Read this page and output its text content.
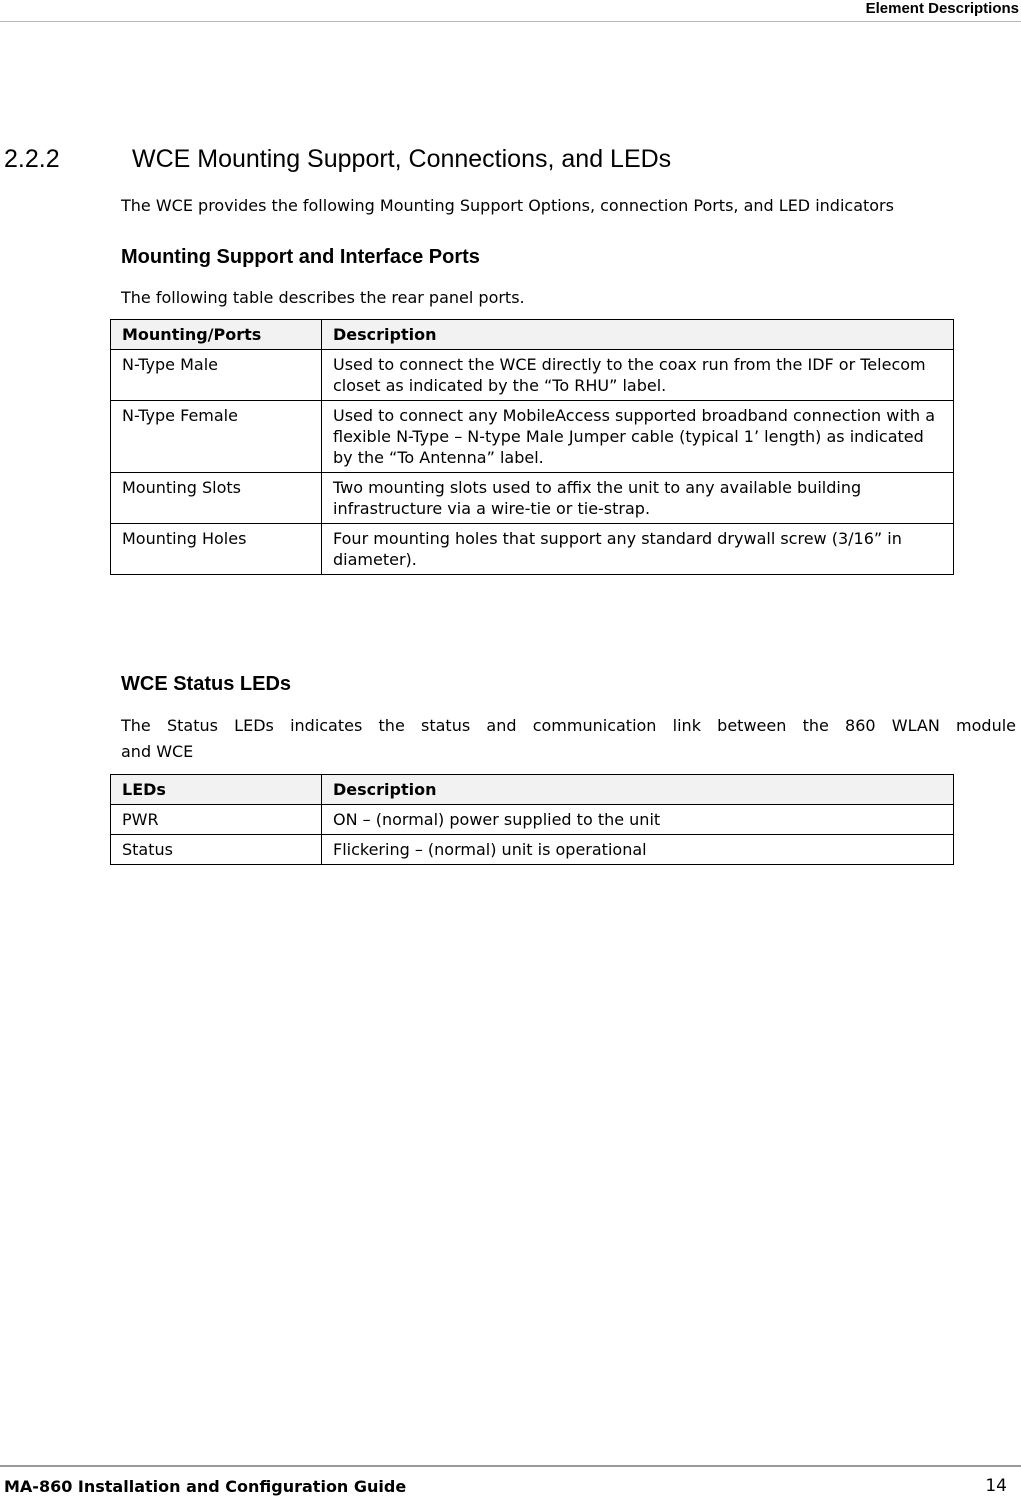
Element Descriptions
2.2.2	WCE Mounting Support, Connections, and LEDs
The WCE provides the following Mounting Support Options, connection Ports, and LED indicators
Mounting Support and Interface Ports
The following table describes the rear panel ports.
Mounting/Ports	Description
N-Type Male	Used to connect the WCE directly to the coax run from the IDF or Telecom closet as indicated by the “To RHU” label.
N-Type Female	Used to connect any MobileAccess supported broadband connection with a flexible N-Type – N-type Male Jumper cable (typical 1’ length) as indicated by the “To Antenna” label.
Mounting Slots	Two mounting slots used to affix the unit to any available building infrastructure via a wire-tie or tie-strap.
Mounting Holes	Four mounting holes that support any standard drywall screw (3/16” in diameter).
WCE Status LEDs
The Status LEDs indicates the status and communication link between the 860 WLAN module
and WCE
LEDs	Description
PWR	ON – (normal) power supplied to the unit
Status	Flickering – (normal) unit is operational
MA-860 Installation and Configuration Guide	14
